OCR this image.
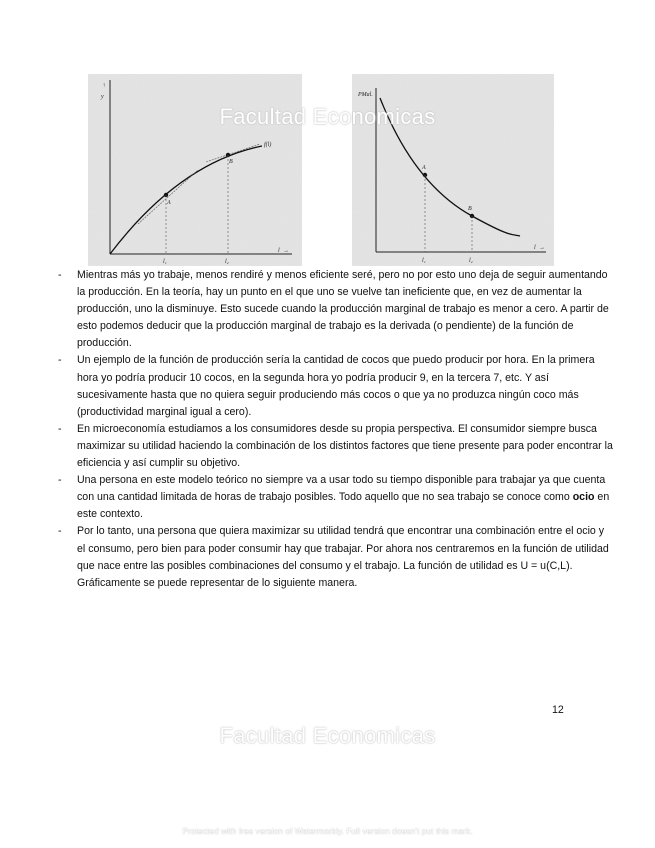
y
→
l →
f(l)
A
B
l₁	l₂
PMal.
l →
A
B
l₁	l₂
Facultad Economicas
- Mientras más yo trabaje, menos rendiré y menos eficiente seré, pero no por esto uno deja de seguir aumentando la producción. En la teoría, hay un punto en el que uno se vuelve tan ineficiente que, en vez de aumentar la producción, uno la disminuye. Esto sucede cuando la producción marginal de trabajo es menor a cero. A partir de esto podemos deducir que la producción marginal de trabajo es la derivada (o pendiente) de la función de producción.
- Un ejemplo de la función de producción sería la cantidad de cocos que puedo producir por hora. En la primera hora yo podría producir 10 cocos, en la segunda hora yo podría producir 9, en la tercera 7, etc. Y así sucesivamente hasta que no quiera seguir produciendo más cocos o que ya no produzca ningún coco más (productividad marginal igual a cero).
- En microeconomía estudiamos a los consumidores desde su propia perspectiva. El consumidor siempre busca maximizar su utilidad haciendo la combinación de los distintos factores que tiene presente para poder encontrar la eficiencia y así cumplir su objetivo.
- Una persona en este modelo teórico no siempre va a usar todo su tiempo disponible para trabajar ya que cuenta con una cantidad limitada de horas de trabajo posibles. Todo aquello que no sea trabajo se conoce como ocio en este contexto.
- Por lo tanto, una persona que quiera maximizar su utilidad tendrá que encontrar una combinación entre el ocio y el consumo, pero bien para poder consumir hay que trabajar. Por ahora nos centraremos en la función de utilidad que nace entre las posibles combinaciones del consumo y el trabajo. La función de utilidad es U = u(C,L). Gráficamente se puede representar de lo siguiente manera.
12
Facultad Economicas
Protected with free version of Watermarkly. Full version doesn't put this mark.
